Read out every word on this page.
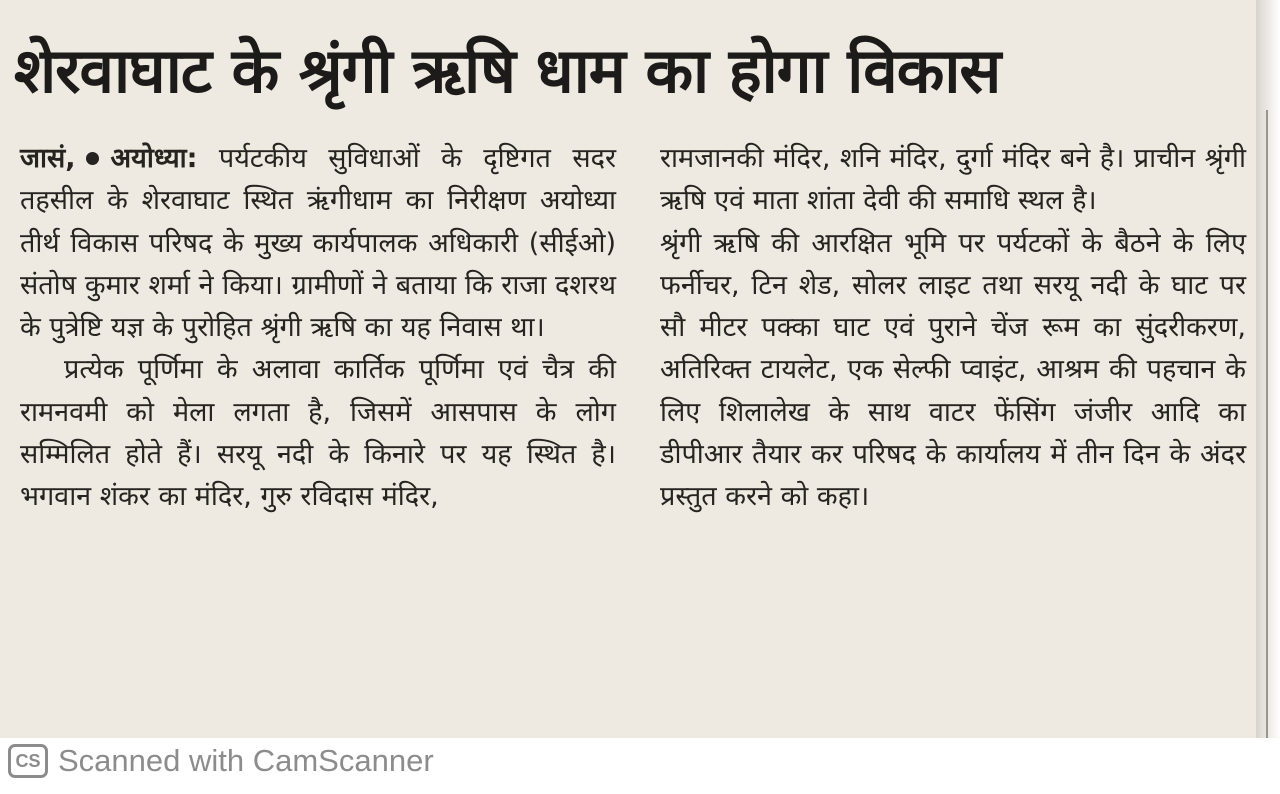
शेरवाघाट के श्रृंगी ऋषि धाम का होगा विकास

जासं, अयोध्या: पर्यटकीय सुविधाओं के दृष्टिगत सदर तहसील के शेरवाघाट स्थित ऋंगीधाम का निरीक्षण अयोध्या तीर्थ विकास परिषद के मुख्य कार्यपालक अधिकारी (सीईओ) संतोष कुमार शर्मा ने किया। ग्रामीणों ने बताया कि राजा दशरथ के पुत्रेष्टि यज्ञ के पुरोहित श्रृंगी ऋषि का यह निवास था।

प्रत्येक पूर्णिमा के अलावा कार्तिक पूर्णिमा एवं चैत्र की रामनवमी को मेला लगता है, जिसमें आसपास के लोग सम्मिलित होते हैं। सरयू नदी के किनारे पर यह स्थित है। भगवान शंकर का मंदिर, गुरु रविदास मंदिर,

रामजानकी मंदिर, शनि मंदिर, दुर्गा मंदिर बने है। प्राचीन श्रृंगी ऋषि एवं माता शांता देवी की समाधि स्थल है।

श्रृंगी ऋषि की आरक्षित भूमि पर पर्यटकों के बैठने के लिए फर्नीचर, टिन शेड, सोलर लाइट तथा सरयू नदी के घाट पर सौ मीटर पक्का घाट एवं पुराने चेंज रूम का सुंदरीकरण, अतिरिक्त टायलेट, एक सेल्फी प्वाइंट, आश्रम की पहचान के लिए शिलालेख के साथ वाटर फेंसिंग जंजीर आदि का डीपीआर तैयार कर परिषद के कार्यालय में तीन दिन के अंदर प्रस्तुत करने को कहा।

CS Scanned with CamScanner
